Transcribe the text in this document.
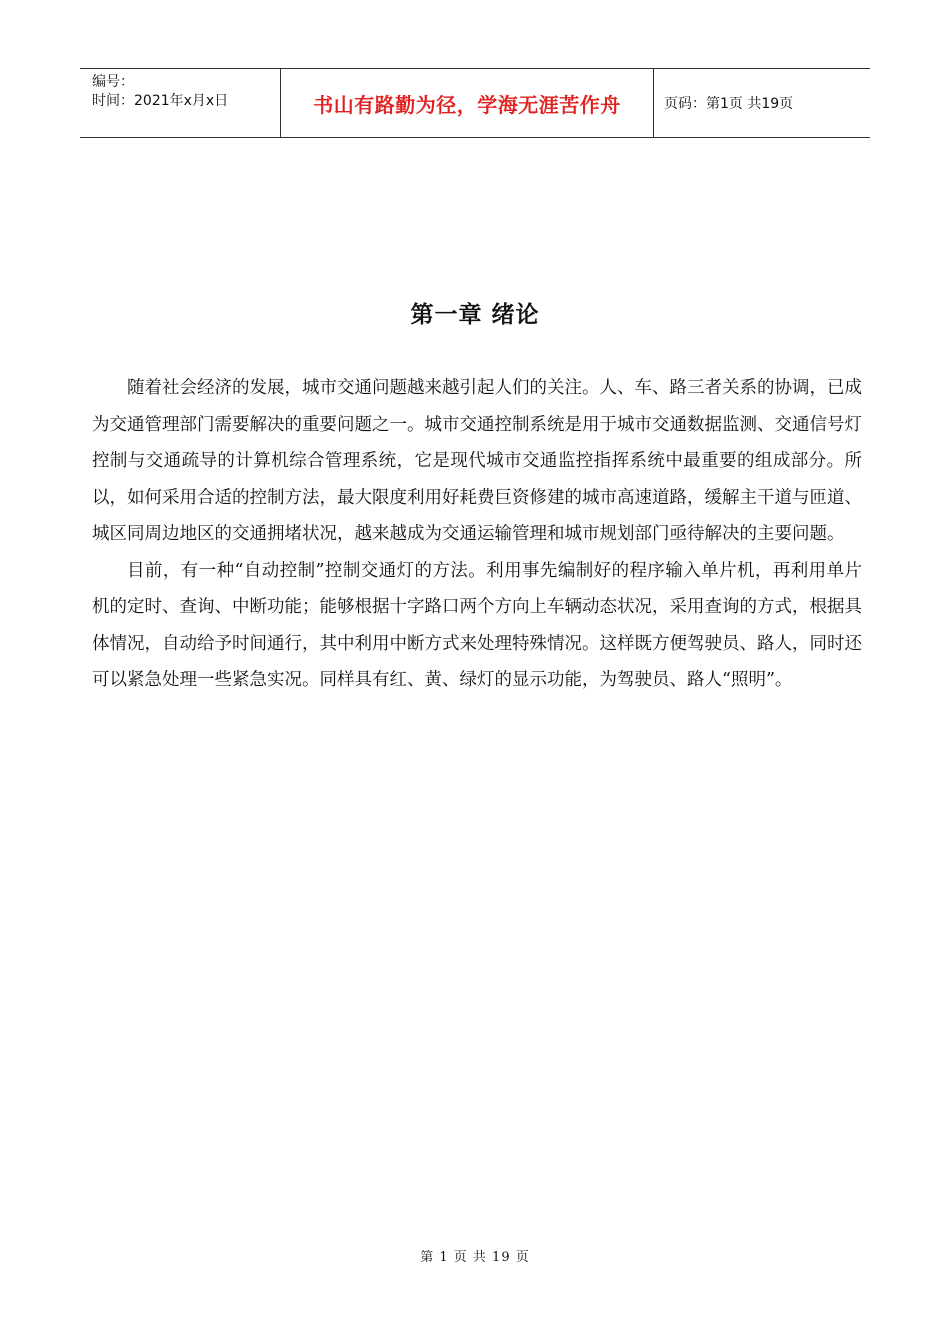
编号：
时间：2021年x月x日	书山有路勤为径，学海无涯苦作舟	页码：第1页 共19页
第一章 绪论

随着社会经济的发展，城市交通问题越来越引起人们的关注。人、车、路三者关系的协调，已成为交通管理部门需要解决的重要问题之一。城市交通控制系统是用于城市交通数据监测、交通信号灯控制与交通疏导的计算机综合管理系统，它是现代城市交通监控指挥系统中最重要的组成部分。所以，如何采用合适的控制方法，最大限度利用好耗费巨资修建的城市高速道路，缓解主干道与匝道、城区同周边地区的交通拥堵状况，越来越成为交通运输管理和城市规划部门亟待解决的主要问题。

目前，有一种“自动控制”控制交通灯的方法。利用事先编制好的程序输入单片机，再利用单片机的定时、查询、中断功能；能够根据十字路口两个方向上车辆动态状况，采用查询的方式，根据具体情况，自动给予时间通行，其中利用中断方式来处理特殊情况。这样既方便驾驶员、路人，同时还可以紧急处理一些紧急实况。同样具有红、黄、绿灯的显示功能，为驾驶员、路人“照明”。

第 1 页 共 19 页
